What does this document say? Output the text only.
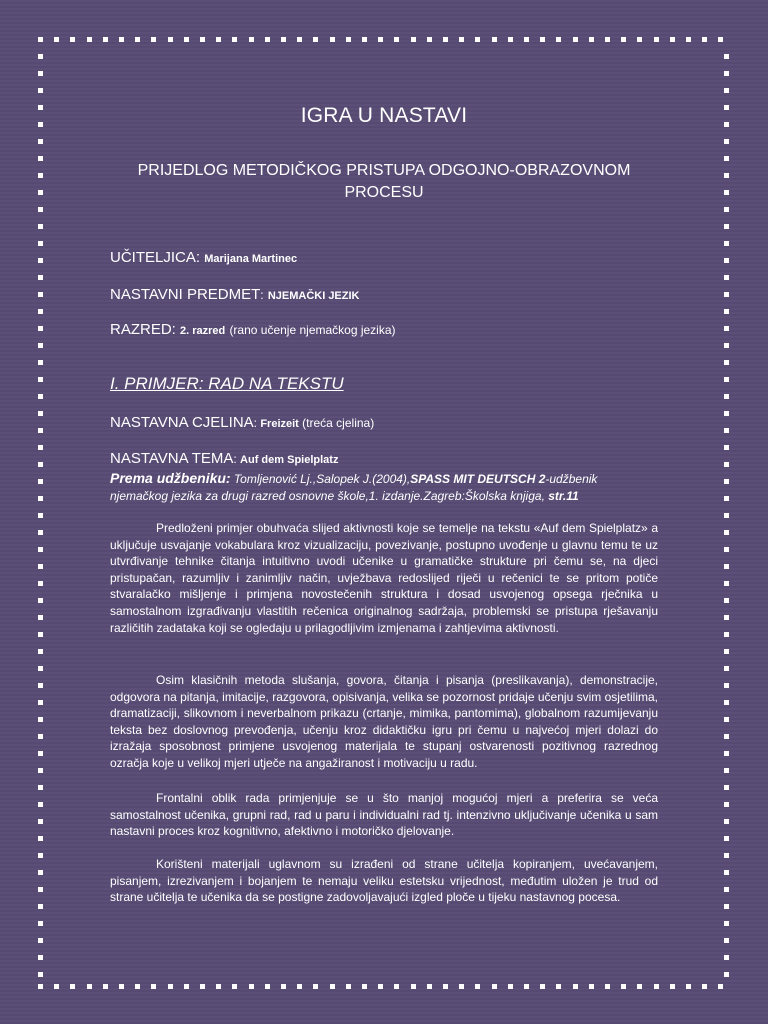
IGRA U NASTAVI
PRIJEDLOG METODIČKOG PRISTUPA ODGOJNO-OBRAZOVNOM PROCESU
UČITELJICA: Marijana Martinec
NASTAVNI PREDMET: NJEMAČKI JEZIK
RAZRED: 2. razred (rano učenje njemačkog jezika)
I. PRIMJER: RAD NA TEKSTU
NASTAVNA CJELINA: Freizeit (treća cjelina)
NASTAVNA TEMA: Auf dem Spielplatz
Prema udžbeniku: Tomljenović Lj.,Salopek J.(2004),SPASS MIT DEUTSCH 2-udžbenik njemačkog jezika za drugi razred osnovne škole,1. izdanje.Zagreb:Školska knjiga, str.11
Predloženi primjer obuhvaća slijed aktivnosti koje se temelje na tekstu «Auf dem Spielplatz» a uključuje usvajanje vokabulara kroz vizualizaciju, povezivanje, postupno uvođenje u glavnu temu te uz utvrđivanje tehnike čitanja intuitivno uvodi učenike u gramatičke strukture pri čemu se, na djeci pristupačan, razumljiv i zanimljiv način, uvježbava redoslijed riječi u rečenici te se pritom potiče stvaralačko mišljenje i primjena novostečenih struktura i dosad usvojenog opsega rječnika u samostalnom izgrađivanju vlastitih rečenica originalnog sadržaja, problemski se pristupa rješavanju različitih zadataka koji se ogledaju u prilagodljivim izmjenama i zahtjevima aktivnosti.
Osim klasičnih metoda slušanja, govora, čitanja i pisanja (preslikavanja), demonstracije, odgovora na pitanja, imitacije, razgovora, opisivanja, velika se pozornost pridaje učenju svim osjetilima, dramatizaciji, slikovnom i neverbalnom prikazu (crtanje, mimika, pantomima), globalnom razumijevanju teksta bez doslovnog prevođenja, učenju kroz didaktičku igru pri čemu u najvećoj mjeri dolazi do izražaja sposobnost primjene usvojenog materijala te stupanj ostvarenosti pozitivnog razrednog ozračja koje u velikoj mjeri utječe na angažiranost i motivaciju u radu.
Frontalni oblik rada primjenjuje se u što manjoj mogućoj mjeri a preferira se veća samostalnost učenika, grupni rad, rad u paru i individualni rad tj. intenzivno uključivanje učenika u sam nastavni proces kroz kognitivno, afektivno i motoričko djelovanje.
Korišteni materijali uglavnom su izrađeni od strane učitelja kopiranjem, uvećavanjem, pisanjem, izrezivanjem i bojanjem te nemaju veliku estetsku vrijednost, međutim uložen je trud od strane učitelja te učenika da se postigne zadovoljavajući izgled ploče u tijeku nastavnog pocesa.
